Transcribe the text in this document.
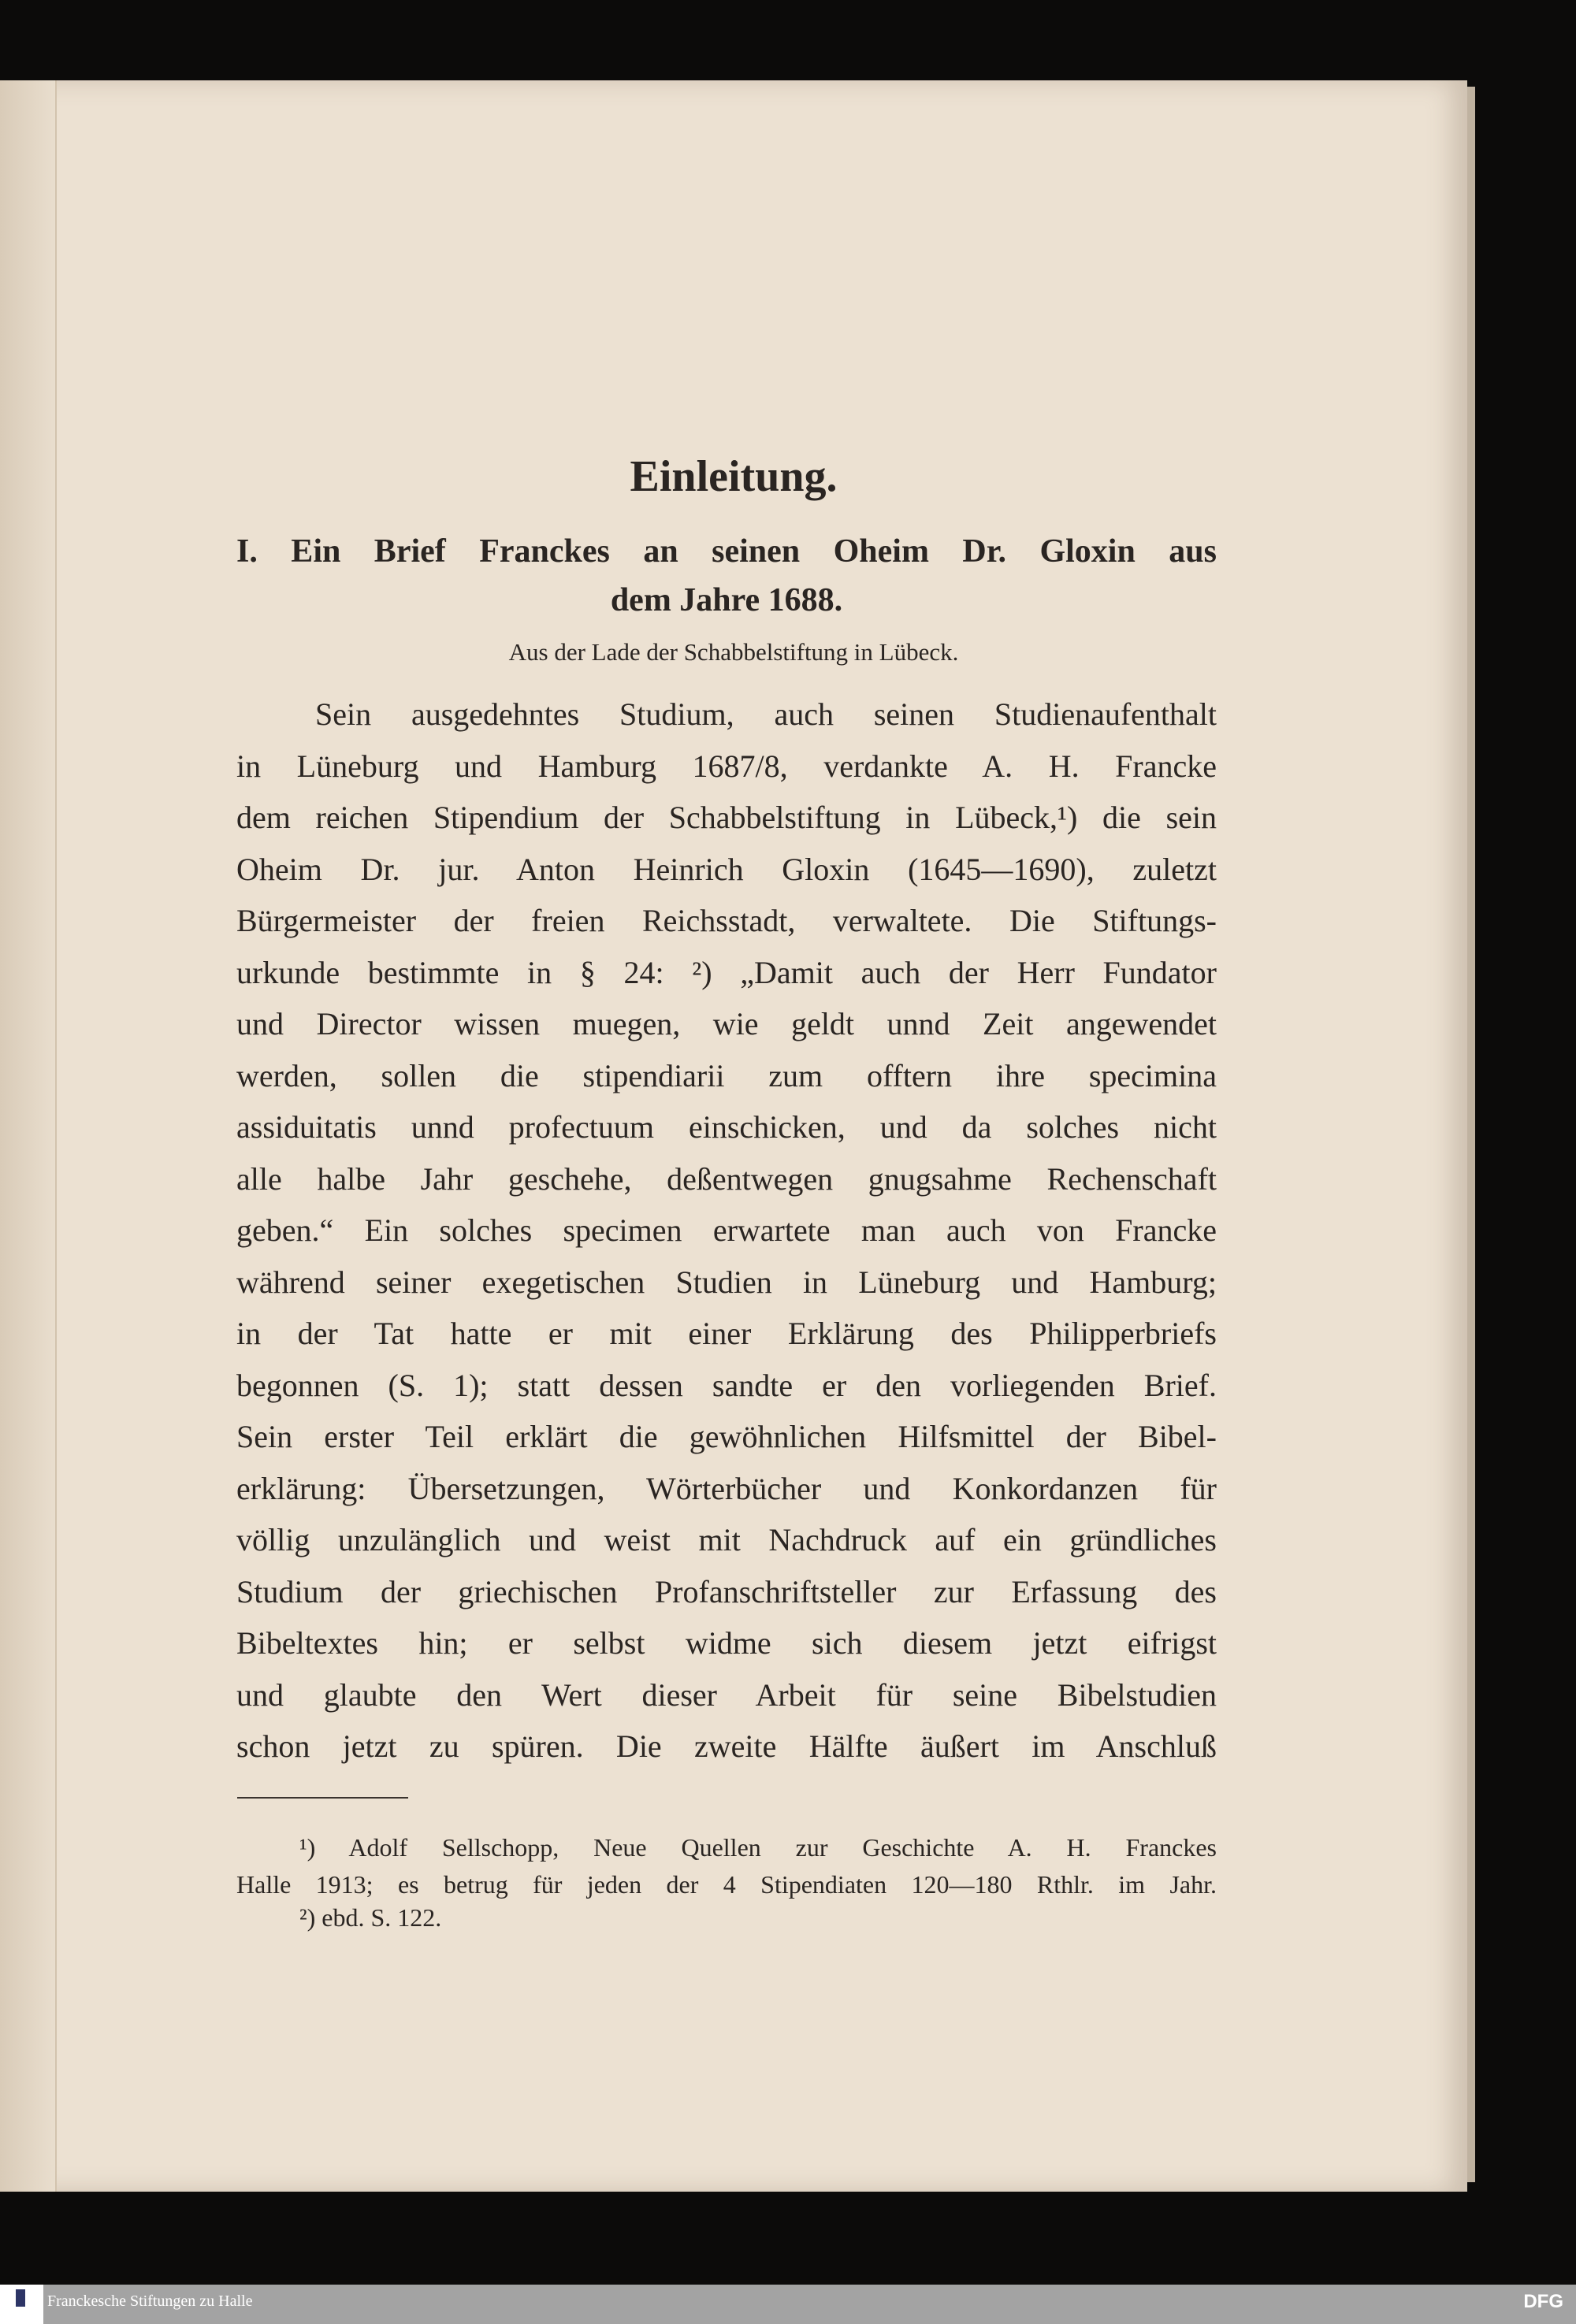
Einleitung.
I. Ein Brief Franckes an seinen Oheim Dr. Gloxin aus
dem Jahre 1688.
Aus der Lade der Schabbelstiftung in Lübeck.
Sein ausgedehntes Studium, auch seinen Studienaufenthalt
in Lüneburg und Hamburg 1687/8, verdankte A. H. Francke
dem reichen Stipendium der Schabbelstiftung in Lübeck,¹) die sein
Oheim Dr. jur. Anton Heinrich Gloxin (1645—1690), zuletzt
Bürgermeister der freien Reichsstadt, verwaltete. Die Stiftungs-
urkunde bestimmte in § 24: ²) „Damit auch der Herr Fundator
und Director wissen muegen, wie geldt unnd Zeit angewendet
werden, sollen die stipendiarii zum offtern ihre specimina
assiduitatis unnd profectuum einschicken, und da solches nicht
alle halbe Jahr geschehe, deßentwegen gnugsahme Rechenschaft
geben.“ Ein solches specimen erwartete man auch von Francke
während seiner exegetischen Studien in Lüneburg und Hamburg;
in der Tat hatte er mit einer Erklärung des Philipperbriefs
begonnen (S. 1); statt dessen sandte er den vorliegenden Brief.
Sein erster Teil erklärt die gewöhnlichen Hilfsmittel der Bibel-
erklärung: Übersetzungen, Wörterbücher und Konkordanzen für
völlig unzulänglich und weist mit Nachdruck auf ein gründliches
Studium der griechischen Profanschriftsteller zur Erfassung des
Bibeltextes hin; er selbst widme sich diesem jetzt eifrigst
und glaubte den Wert dieser Arbeit für seine Bibelstudien
schon jetzt zu spüren. Die zweite Hälfte äußert im Anschluß
¹) Adolf Sellschopp, Neue Quellen zur Geschichte A. H. Franckes
Halle 1913; es betrug für jeden der 4 Stipendiaten 120—180 Rthlr. im Jahr.
²) ebd. S. 122.
Franckesche Stiftungen zu Halle	DFG
